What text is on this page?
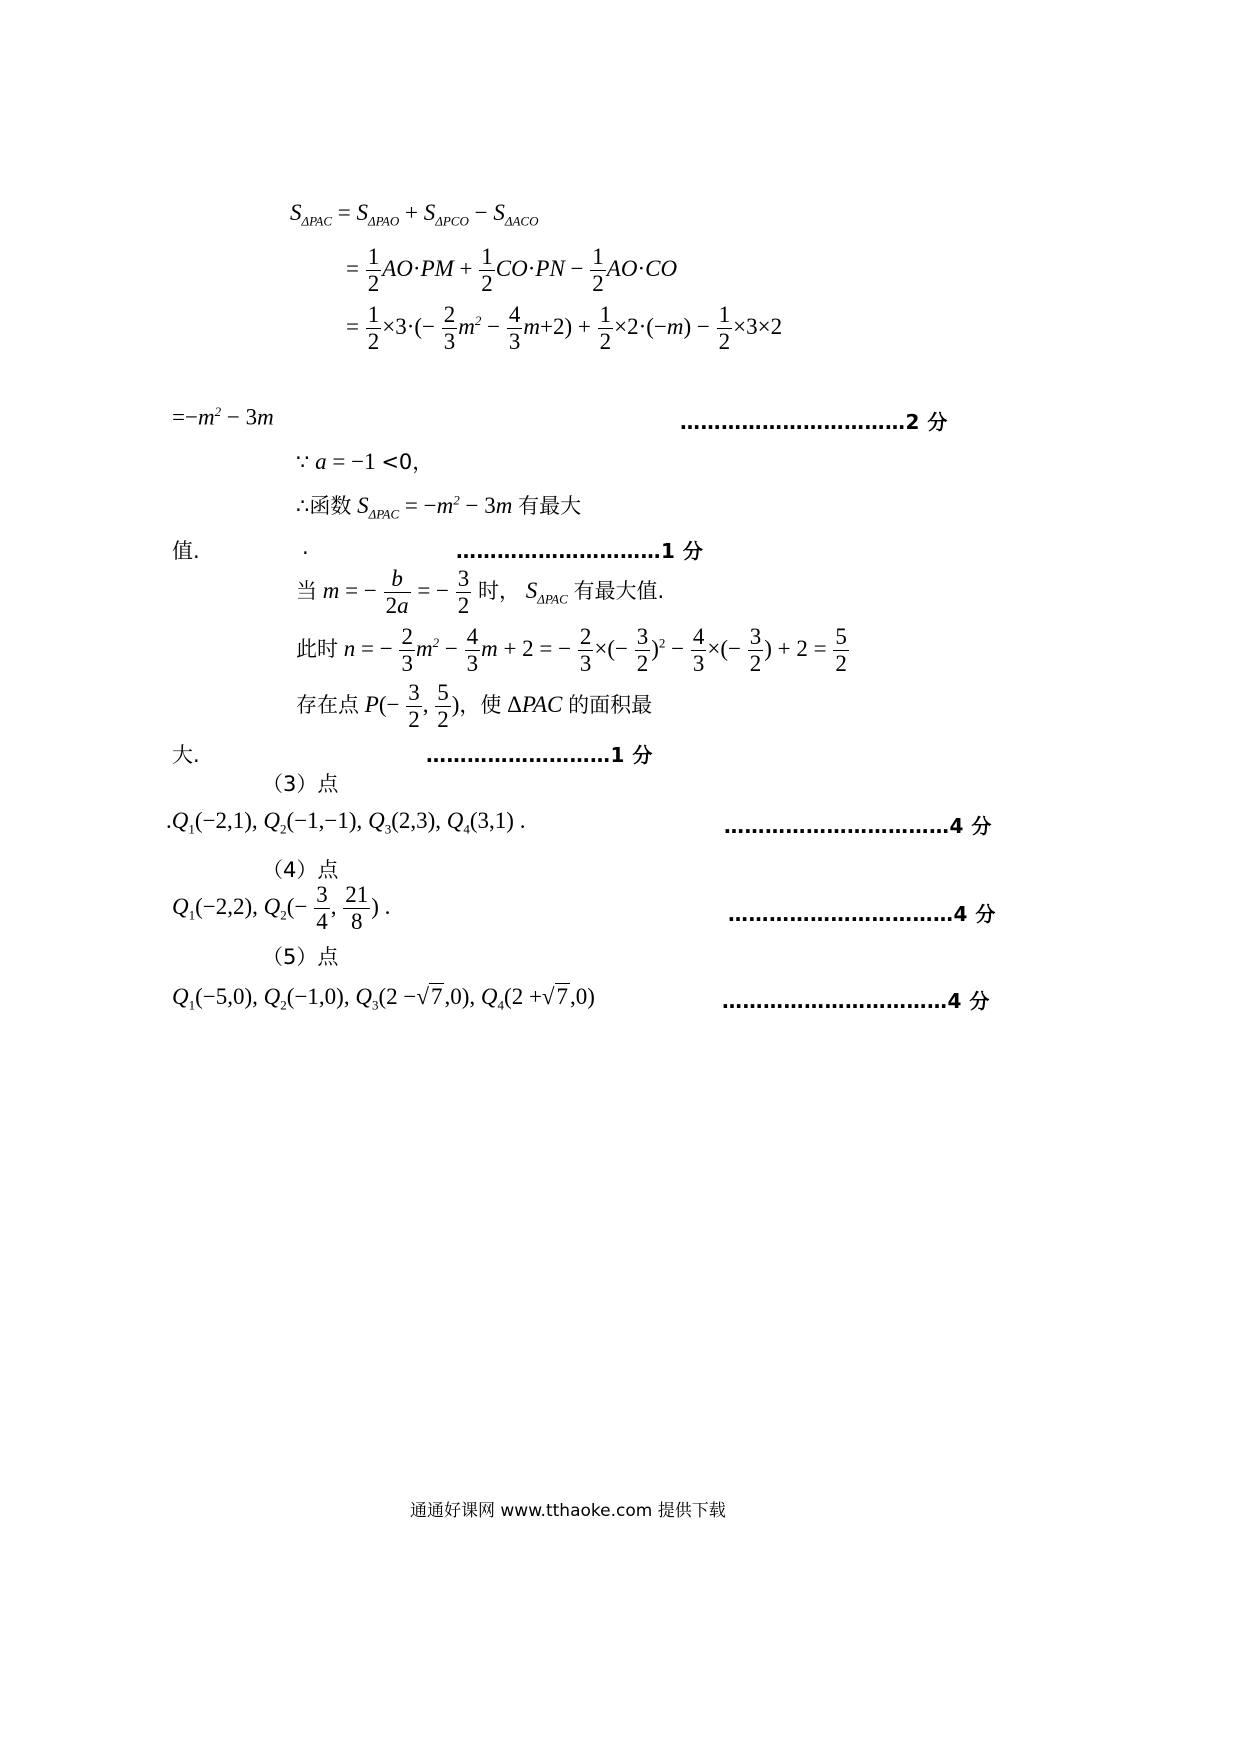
$S_{\Delta PAC} = S_{\Delta PAO} + S_{\Delta PCO} - S_{\Delta ACO}$
= $\frac{1}{2} AO\cdot PM + \frac{1}{2} CO\cdot PN - \frac{1}{2} AO\cdot CO$
= $\frac{1}{2} \times 3\cdot(- \frac{2}{3} m^2 - \frac{4}{3} m+2) + \frac{1}{2} \times 2\cdot(-m) - \frac{1}{2} \times 3\times 2$
$=-m^2 - 3m$	……………………………2 分
∵ a = −1 <0，
∴函数 $S_{\Delta PAC} = -m^2 - 3m$ 有最大
值.	.	…………………………1 分
当 m = − $\frac{b}{2a}$ = − $\frac{3}{2}$ 时， $S_{\Delta PAC}$ 有最大值.
此时 n = − $\frac{2}{3} m^2 - \frac{4}{3}$ m + 2 = − $\frac{2}{3}$ ×(− $\frac{3}{2} )^2 - \frac{4}{3}$ ×(− $\frac{3}{2}$ ) + $2 = \frac{5}{2}$
存在点 $P(- \frac{3}{2}$ , $\frac{5}{2}$ )，使 ΔPAC 的面积最
大.	………………………1 分
（3）点
$.Q_1(-2,1)$, $Q_2(-1,-1)$, $Q_3(2,3)$, $Q_4(3,1)$ .	……………………………4 分
（4）点
$Q_1(-2,2)$, $Q_2(- \frac{3}{4}$ , $\frac{21}{8}$ ) .	……………………………4 分
（5）点
$Q_1(-5,0)$, $Q_2(-1,0)$, $Q_3(2 -√7,0)$, $Q_4(2 +√7,0)$	……………………………4 分
通通好课网 www.tthaoke.com 提供下载
